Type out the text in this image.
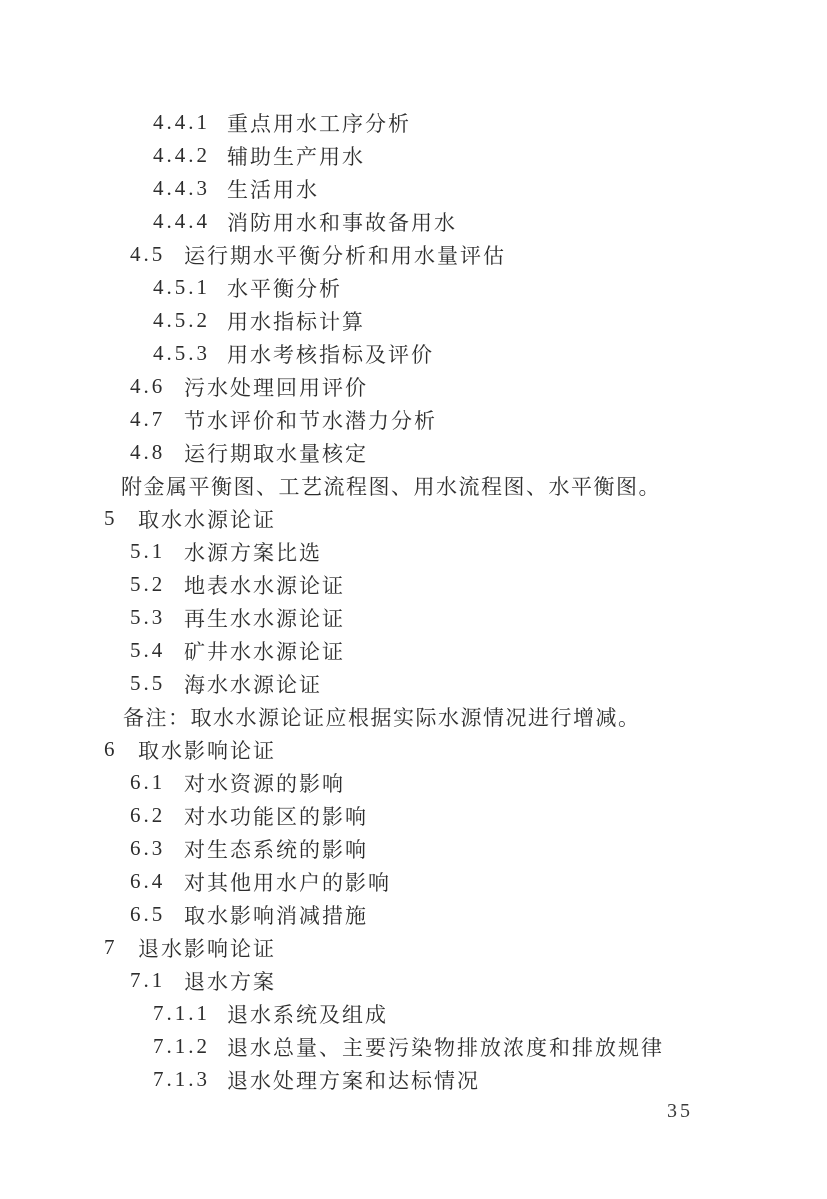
4.4.1 重点用水工序分析
4.4.2 辅助生产用水
4.4.3 生活用水
4.4.4 消防用水和事故备用水
4.5 运行期水平衡分析和用水量评估
4.5.1 水平衡分析
4.5.2 用水指标计算
4.5.3 用水考核指标及评价
4.6 污水处理回用评价
4.7 节水评价和节水潜力分析
4.8 运行期取水量核定
附金属平衡图、工艺流程图、用水流程图、水平衡图。
5 取水水源论证
5.1 水源方案比选
5.2 地表水水源论证
5.3 再生水水源论证
5.4 矿井水水源论证
5.5 海水水源论证
备注：取水水源论证应根据实际水源情况进行增减。
6 取水影响论证
6.1 对水资源的影响
6.2 对水功能区的影响
6.3 对生态系统的影响
6.4 对其他用水户的影响
6.5 取水影响消减措施
7 退水影响论证
7.1 退水方案
7.1.1 退水系统及组成
7.1.2 退水总量、主要污染物排放浓度和排放规律
7.1.3 退水处理方案和达标情况
35
